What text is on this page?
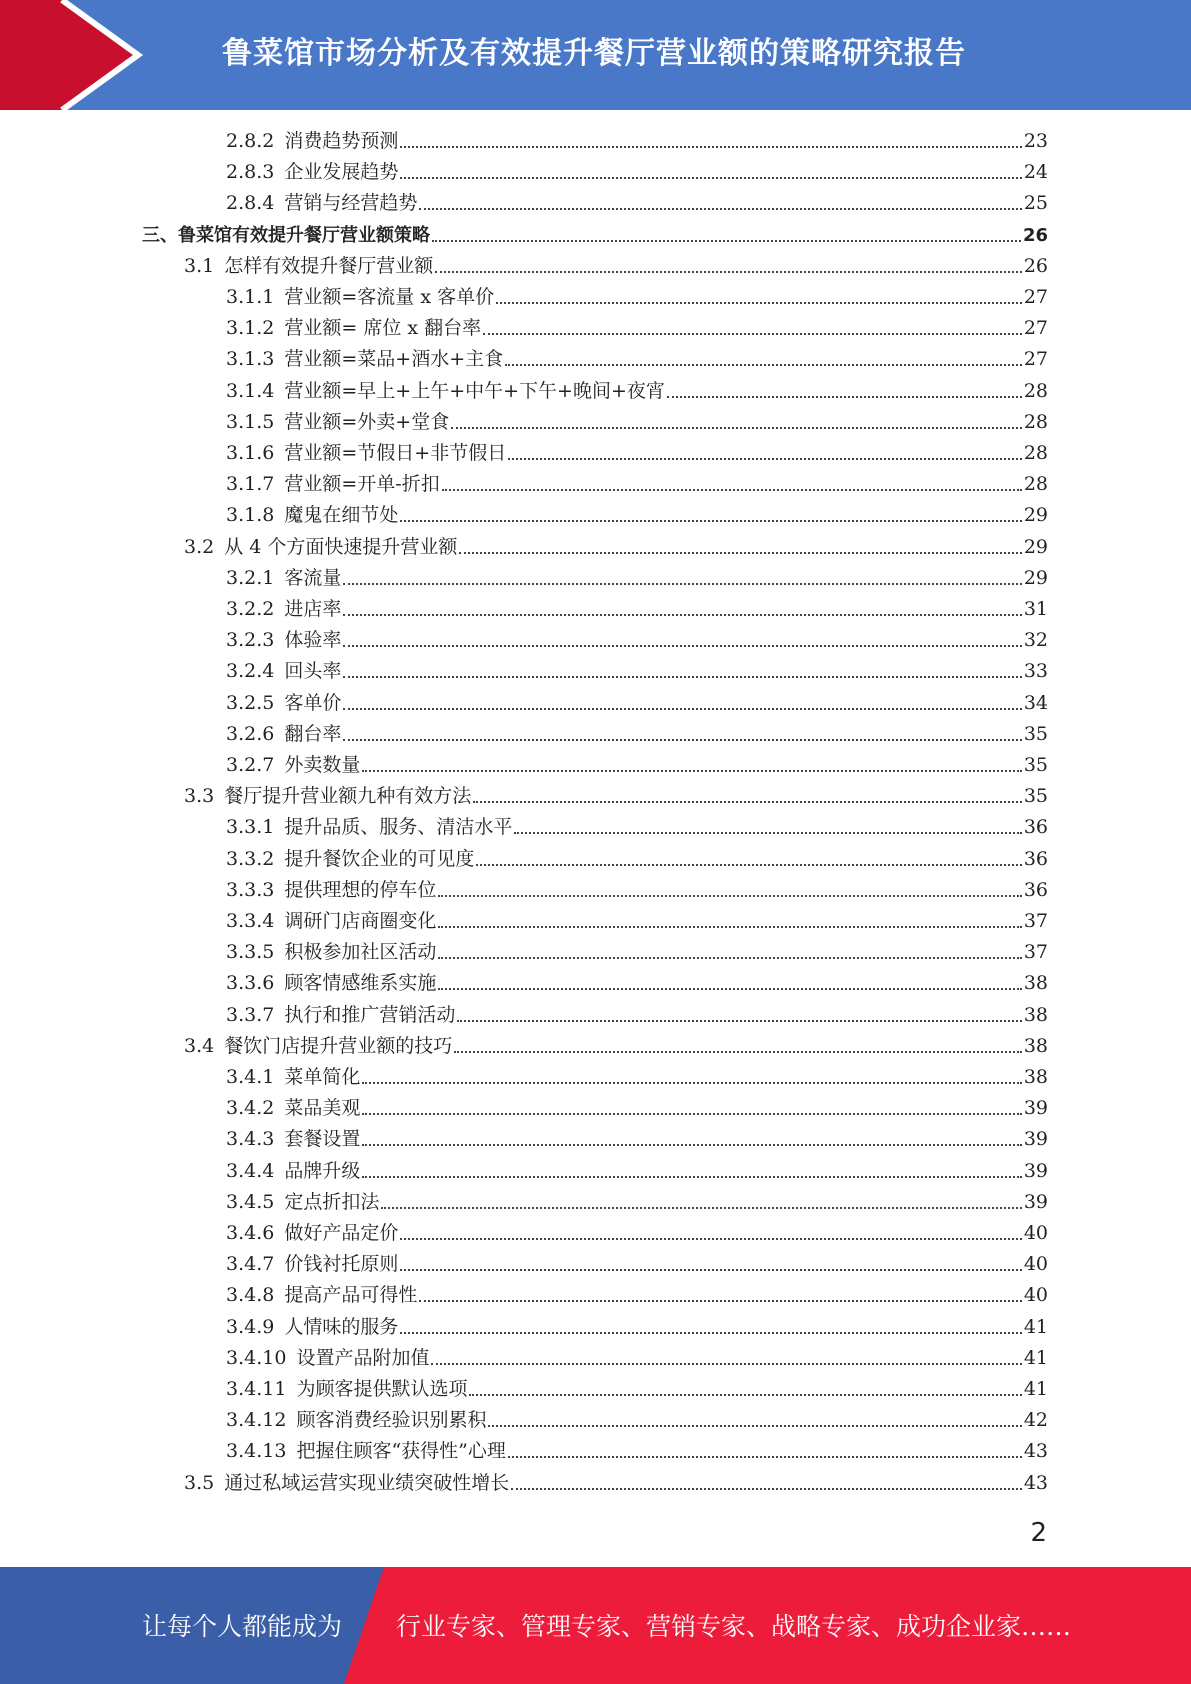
鲁菜馆市场分析及有效提升餐厅营业额的策略研究报告
2.8.2 消费趋势预测	23
2.8.3 企业发展趋势	24
2.8.4 营销与经营趋势	25
三、鲁菜馆有效提升餐厅营业额策略	26
3.1 怎样有效提升餐厅营业额	26
3.1.1 营业额=客流量 x 客单价	27
3.1.2 营业额= 席位 x 翻台率	27
3.1.3 营业额=菜品+酒水+主食	27
3.1.4 营业额=早上+上午+中午+下午+晚间+夜宵	28
3.1.5 营业额=外卖+堂食	28
3.1.6 营业额=节假日+非节假日	28
3.1.7 营业额=开单-折扣	28
3.1.8 魔鬼在细节处	29
3.2 从 4 个方面快速提升营业额	29
3.2.1 客流量	29
3.2.2 进店率	31
3.2.3 体验率	32
3.2.4 回头率	33
3.2.5 客单价	34
3.2.6 翻台率	35
3.2.7 外卖数量	35
3.3 餐厅提升营业额九种有效方法	35
3.3.1 提升品质、服务、清洁水平	36
3.3.2 提升餐饮企业的可见度	36
3.3.3 提供理想的停车位	36
3.3.4 调研门店商圈变化	37
3.3.5 积极参加社区活动	37
3.3.6 顾客情感维系实施	38
3.3.7 执行和推广营销活动	38
3.4 餐饮门店提升营业额的技巧	38
3.4.1 菜单简化	38
3.4.2 菜品美观	39
3.4.3 套餐设置	39
3.4.4 品牌升级	39
3.4.5 定点折扣法	39
3.4.6 做好产品定价	40
3.4.7 价钱衬托原则	40
3.4.8 提高产品可得性	40
3.4.9 人情味的服务	41
3.4.10 设置产品附加值	41
3.4.11 为顾客提供默认选项	41
3.4.12 顾客消费经验识别累积	42
3.4.13 把握住顾客“获得性”心理	43
3.5 通过私域运营实现业绩突破性增长	43
2
让每个人都能成为 行业专家、管理专家、营销专家、战略专家、成功企业家……
